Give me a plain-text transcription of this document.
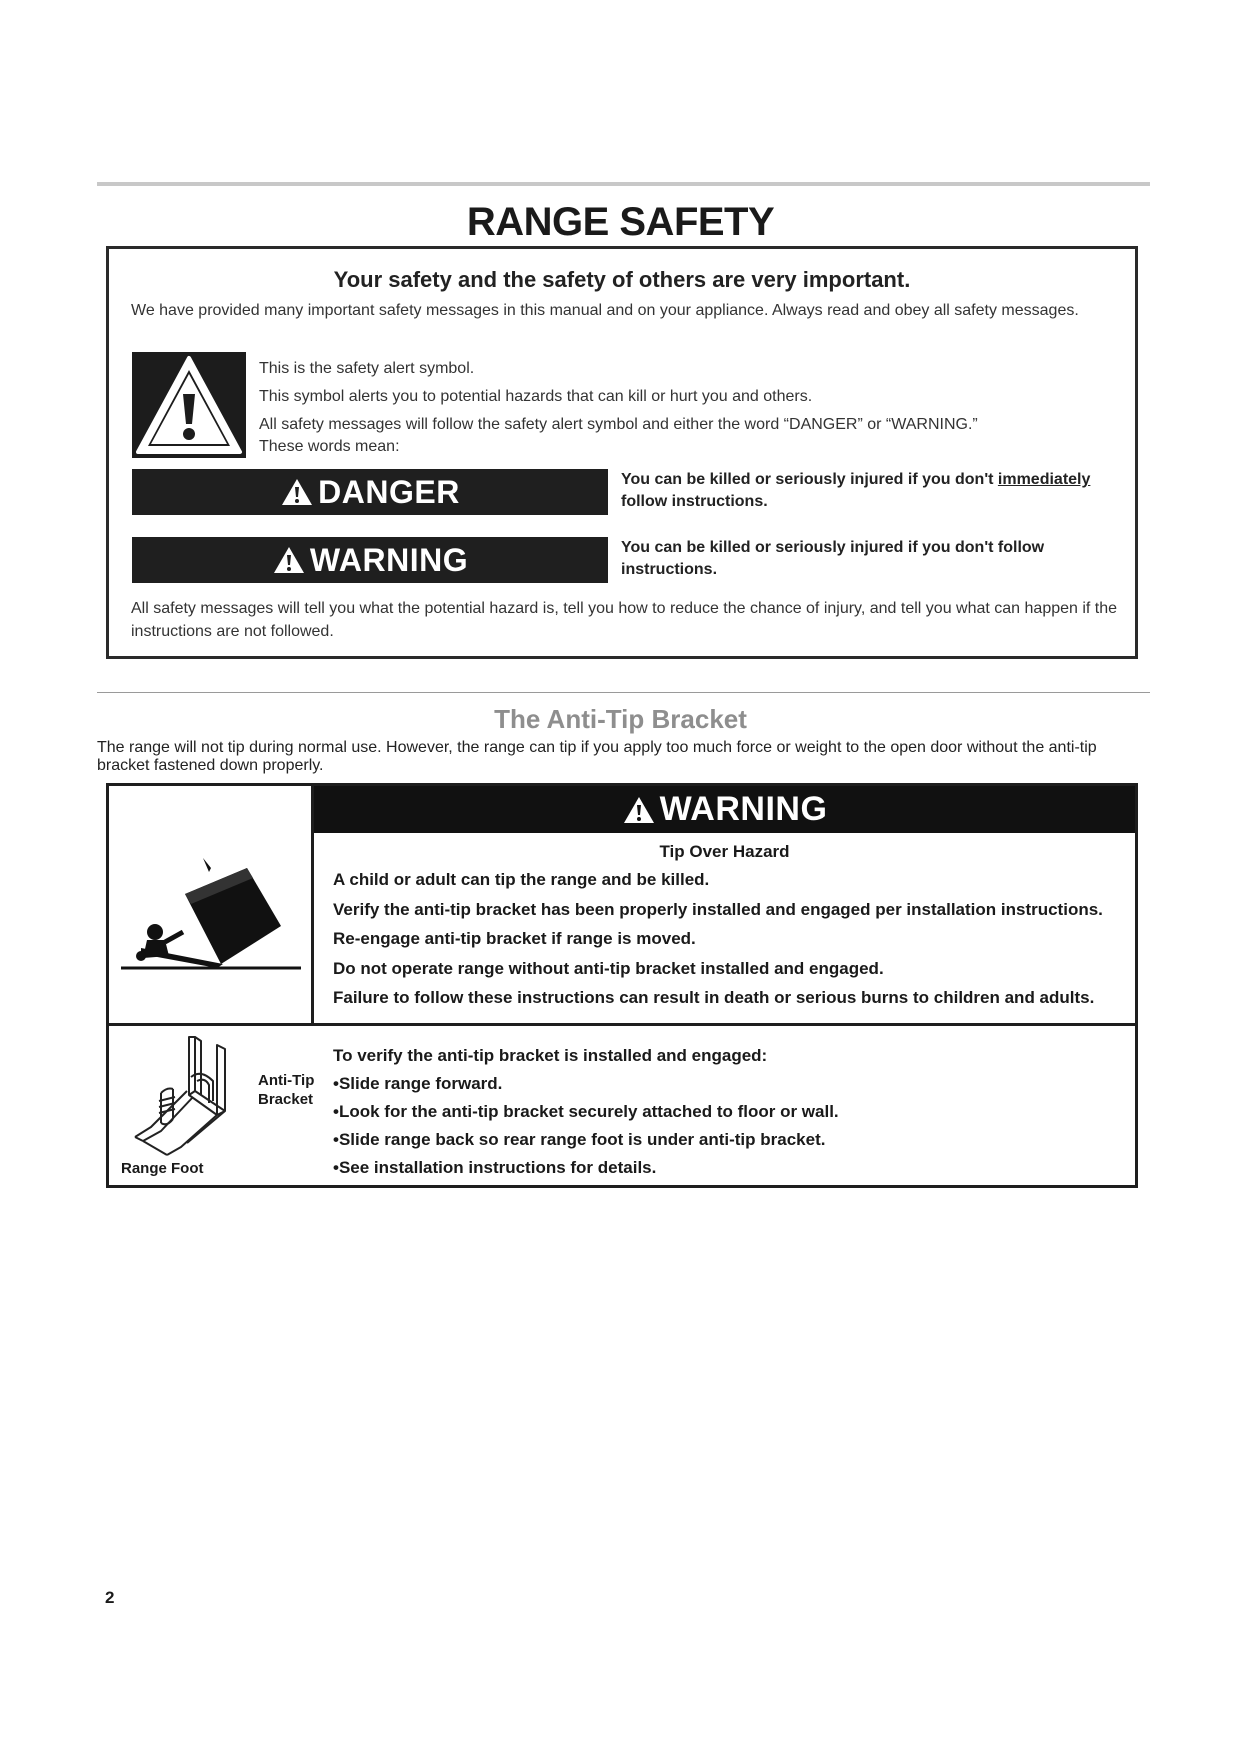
RANGE SAFETY
Your safety and the safety of others are very important.
We have provided many important safety messages in this manual and on your appliance. Always read and obey all safety messages.
This is the safety alert symbol.
This symbol alerts you to potential hazards that can kill or hurt you and others.
All safety messages will follow the safety alert symbol and either the word “DANGER” or “WARNING.”
These words mean:
DANGER	You can be killed or seriously injured if you don't immediately follow instructions.
WARNING	You can be killed or seriously injured if you don't follow instructions.
All safety messages will tell you what the potential hazard is, tell you how to reduce the chance of injury, and tell you what can happen if the instructions are not followed.
The Anti-Tip Bracket
The range will not tip during normal use. However, the range can tip if you apply too much force or weight to the open door without the anti-tip bracket fastened down properly.
WARNING
Tip Over Hazard
A child or adult can tip the range and be killed.
Verify the anti-tip bracket has been properly installed and engaged per installation instructions.
Re-engage anti-tip bracket if range is moved.
Do not operate range without anti-tip bracket installed and engaged.
Failure to follow these instructions can result in death or serious burns to children and adults.
Anti-Tip
Bracket
Range Foot
To verify the anti-tip bracket is installed and engaged:
•Slide range forward.
•Look for the anti-tip bracket securely attached to floor or wall.
•Slide range back so rear range foot is under anti-tip bracket.
•See installation instructions for details.
2
